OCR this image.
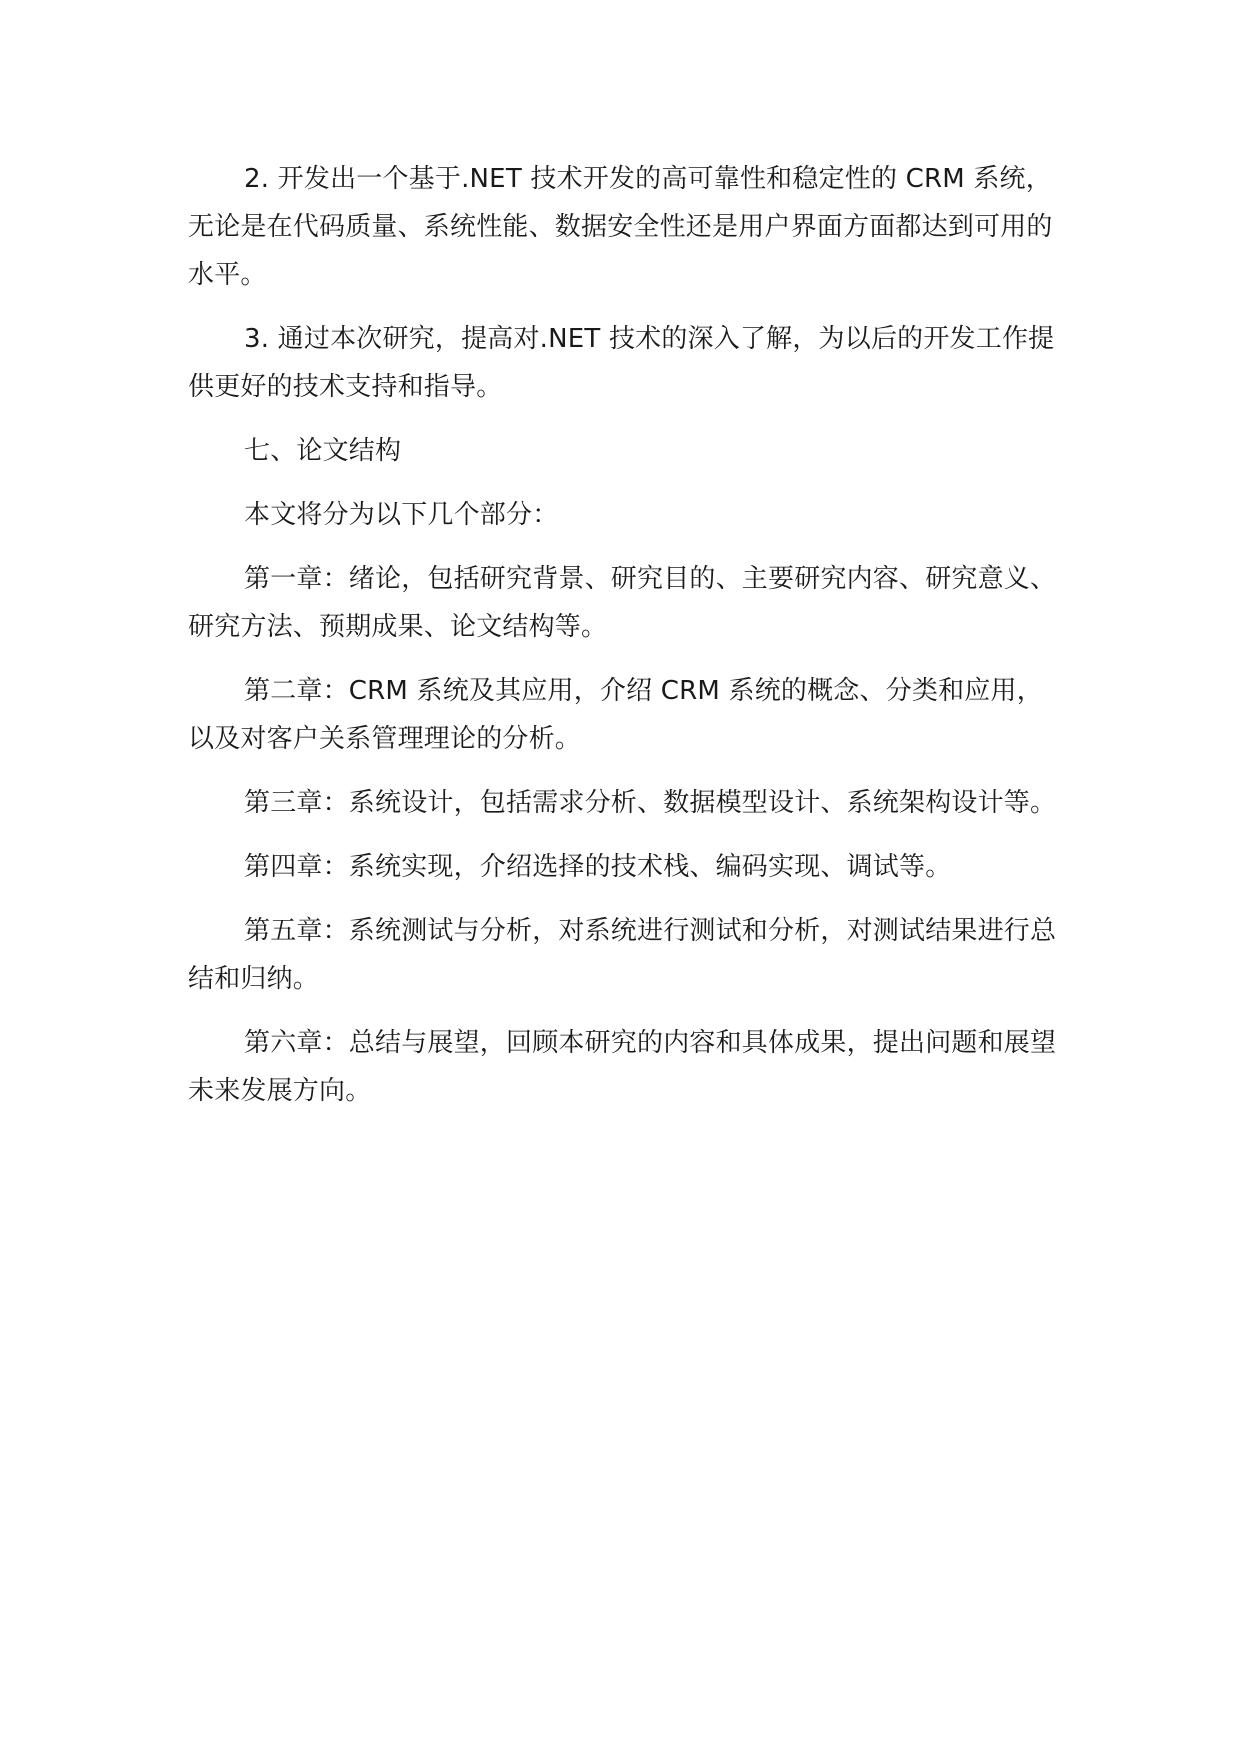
2. 开发出一个基于.NET 技术开发的高可靠性和稳定性的 CRM 系统，无论是在代码质量、系统性能、数据安全性还是用户界面方面都达到可用的水平。

3. 通过本次研究，提高对.NET 技术的深入了解，为以后的开发工作提供更好的技术支持和指导。

七、论文结构

本文将分为以下几个部分：

第一章：绪论，包括研究背景、研究目的、主要研究内容、研究意义、研究方法、预期成果、论文结构等。

第二章：CRM 系统及其应用，介绍 CRM 系统的概念、分类和应用，以及对客户关系管理理论的分析。

第三章：系统设计，包括需求分析、数据模型设计、系统架构设计等。

第四章：系统实现，介绍选择的技术栈、编码实现、调试等。

第五章：系统测试与分析，对系统进行测试和分析，对测试结果进行总结和归纳。

第六章：总结与展望，回顾本研究的内容和具体成果，提出问题和展望未来发展方向。
